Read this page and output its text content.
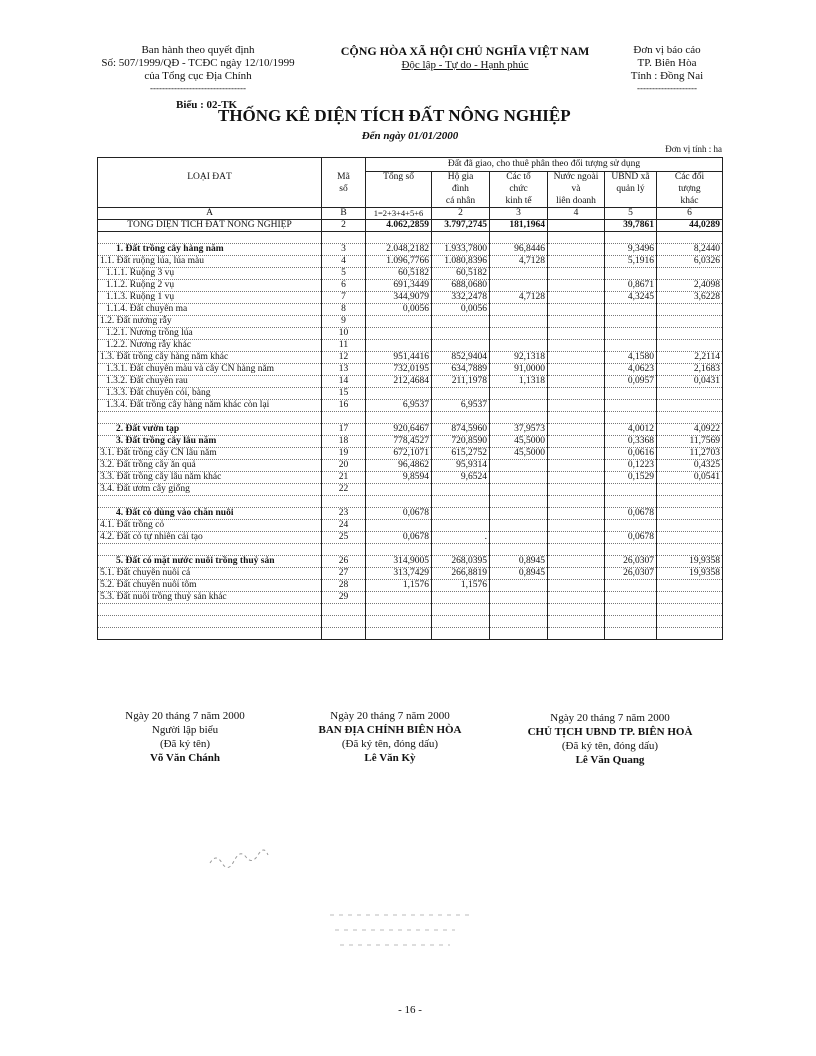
Ban hành theo quyết định
Số: 507/1999/QĐ - TCĐC ngày 12/10/1999
của Tổng cục Địa Chính
--------------------------------
CỘNG HÒA XÃ HỘI CHỦ NGHĨA VIỆT NAM
Độc lập - Tự do - Hạnh phúc
Đơn vị báo cáo
TP. Biên Hòa
Tỉnh : Đồng Nai
--------------------
Biểu : 02-TK
THỐNG KÊ DIỆN TÍCH ĐẤT NÔNG NGHIỆP
Đến ngày 01/01/2000
Đơn vị tính : ha
		Đất đã giao, cho thuê phân theo đối tượng sử dụng					
LOẠI ĐẤT	Mã	Tổng số	Hộ gia	Các tổ	Nước ngoài	UBND xã	Các đối
	số		đình	chức	và	quản lý	tượng
			cá nhân	kinh tế	liên doanh		khác
A	B	1=2+3+4+5+6	2	3	4	5	6
TỔNG DIỆN TÍCH ĐẤT NÔNG NGHIỆP	2	4.062,2859	3.797,2745	181,1964		39,7861	44,0289

1. Đất trồng cây hàng năm	3	2.048,2182	1.933,7800	96,8446		9,3496	8,2440
1.1. Đất ruộng lúa, lúa màu	4	1.096,7766	1.080,8396	4,7128		5,1916	6,0326
1.1.1. Ruộng 3 vụ	5	60,5182	60,5182				
1.1.2. Ruộng 2 vụ	6	691,3449	688,0680			0,8671	2,4098
1.1.3. Ruộng 1 vụ	7	344,9079	332,2478	4,7128		4,3245	3,6228
1.1.4. Đất chuyên ma	8	0,0056	0,0056				
1.2. Đất nương rẫy	9						
1.2.1. Nương trồng lúa	10						
1.2.2. Nương rẫy khác	11						
1.3. Đất trồng cây hàng năm khác	12	951,4416	852,9404	92,1318		4,1580	2,2114
1.3.1. Đất chuyên màu và cây CN hàng năm	13	732,0195	634,7889	91,0000		4,0623	2,1683
1.3.2. Đất chuyên rau	14	212,4684	211,1978	1,1318		0,0957	0,0431
1.3.3. Đất chuyên cói, bàng	15						
1.3.4. Đất trồng cây hàng năm khác còn lại	16	6,9537	6,9537				

2. Đất vườn tạp	17	920,6467	874,5960	37,9573		4,0012	4,0922
3. Đất trồng cây lâu năm	18	778,4527	720,8590	45,5000		0,3368	11,7569
3.1. Đất trồng cây CN lâu năm	19	672,1071	615,2752	45,5000		0,0616	11,2703
3.2. Đất trồng cây ăn quả	20	96,4862	95,9314			0,1223	0,4325
3.3. Đất trồng cây lâu năm khác	21	9,8594	9,6524			0,1529	0,0541
3.4. Đất ươm cây giống	22						

4. Đất cỏ dùng vào chăn nuôi	23	0,0678				0,0678	
4.1. Đất trồng cỏ	24						
4.2. Đất cỏ tự nhiên cải tạo	25	0,0678	.			0,0678	

5. Đất có mặt nước nuôi trồng thuỷ sản	26	314,9005	268,0395	0,8945		26,0307	19,9358
5.1. Đất chuyên nuôi cá	27	313,7429	266,8819	0,8945		26,0307	19,9358
5.2. Đất chuyên nuôi tôm	28	1,1576	1,1576				
5.3. Đất nuôi trồng thuỷ sản khác	29						

Ngày 20 tháng 7 năm 2000
Người lập biểu
(Đã ký tên)
Võ Văn Chánh
Ngày 20 tháng 7 năm 2000
BAN ĐỊA CHÍNH BIÊN HÒA
(Đã ký tên, đóng dấu)
Lê Văn Kỳ
Ngày 20 tháng 7 năm 2000
CHỦ TỊCH UBND TP. BIÊN HOÀ
(Đã ký tên, đóng dấu)
Lê Văn Quang
- 16 -
